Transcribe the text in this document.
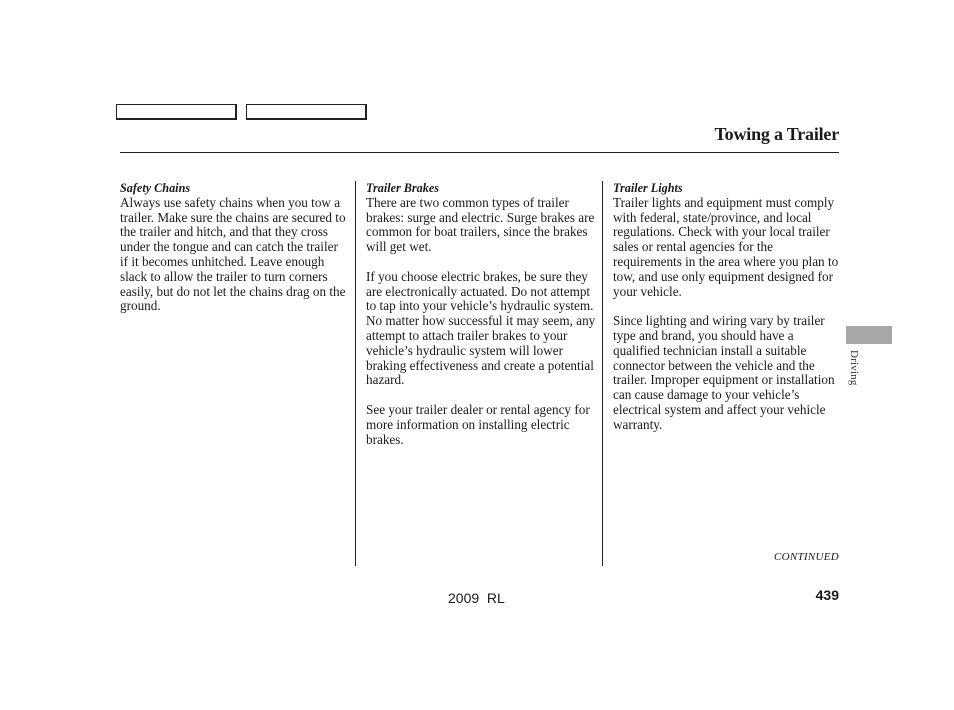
Towing a Trailer
Safety Chains

Always use safety chains when you tow a trailer. Make sure the chains are secured to the trailer and hitch, and that they cross under the tongue and can catch the trailer if it becomes unhitched. Leave enough slack to allow the trailer to turn corners easily, but do not let the chains drag on the ground.

Trailer Brakes

There are two common types of trailer brakes: surge and electric. Surge brakes are common for boat trailers, since the brakes will get wet.

If you choose electric brakes, be sure they are electronically actuated. Do not attempt to tap into your vehicle’s hydraulic system. No matter how successful it may seem, any attempt to attach trailer brakes to your vehicle’s hydraulic system will lower braking effectiveness and create a potential hazard.

See your trailer dealer or rental agency for more information on installing electric brakes.

Trailer Lights

Trailer lights and equipment must comply with federal, state/province, and local regulations. Check with your local trailer sales or rental agencies for the requirements in the area where you plan to tow, and use only equipment designed for your vehicle.

Since lighting and wiring vary by trailer type and brand, you should have a qualified technician install a suitable connector between the vehicle and the trailer. Improper equipment or installation can cause damage to your vehicle’s electrical system and affect your vehicle warranty.

Driving
CONTINUED
2009  RL	439
